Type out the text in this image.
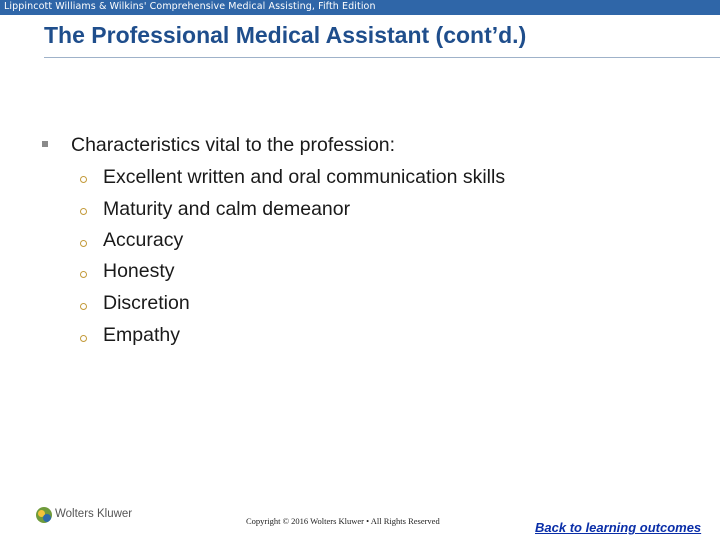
Lippincott Williams & Wilkins' Comprehensive Medical Assisting, Fifth Edition
The Professional Medical Assistant (cont’d.)
Characteristics vital to the profession:
Excellent written and oral communication skills
Maturity and calm demeanor
Accuracy
Honesty
Discretion
Empathy
Wolters Kluwer
Copyright © 2016 Wolters Kluwer • All Rights Reserved	Back to learning outcomes
